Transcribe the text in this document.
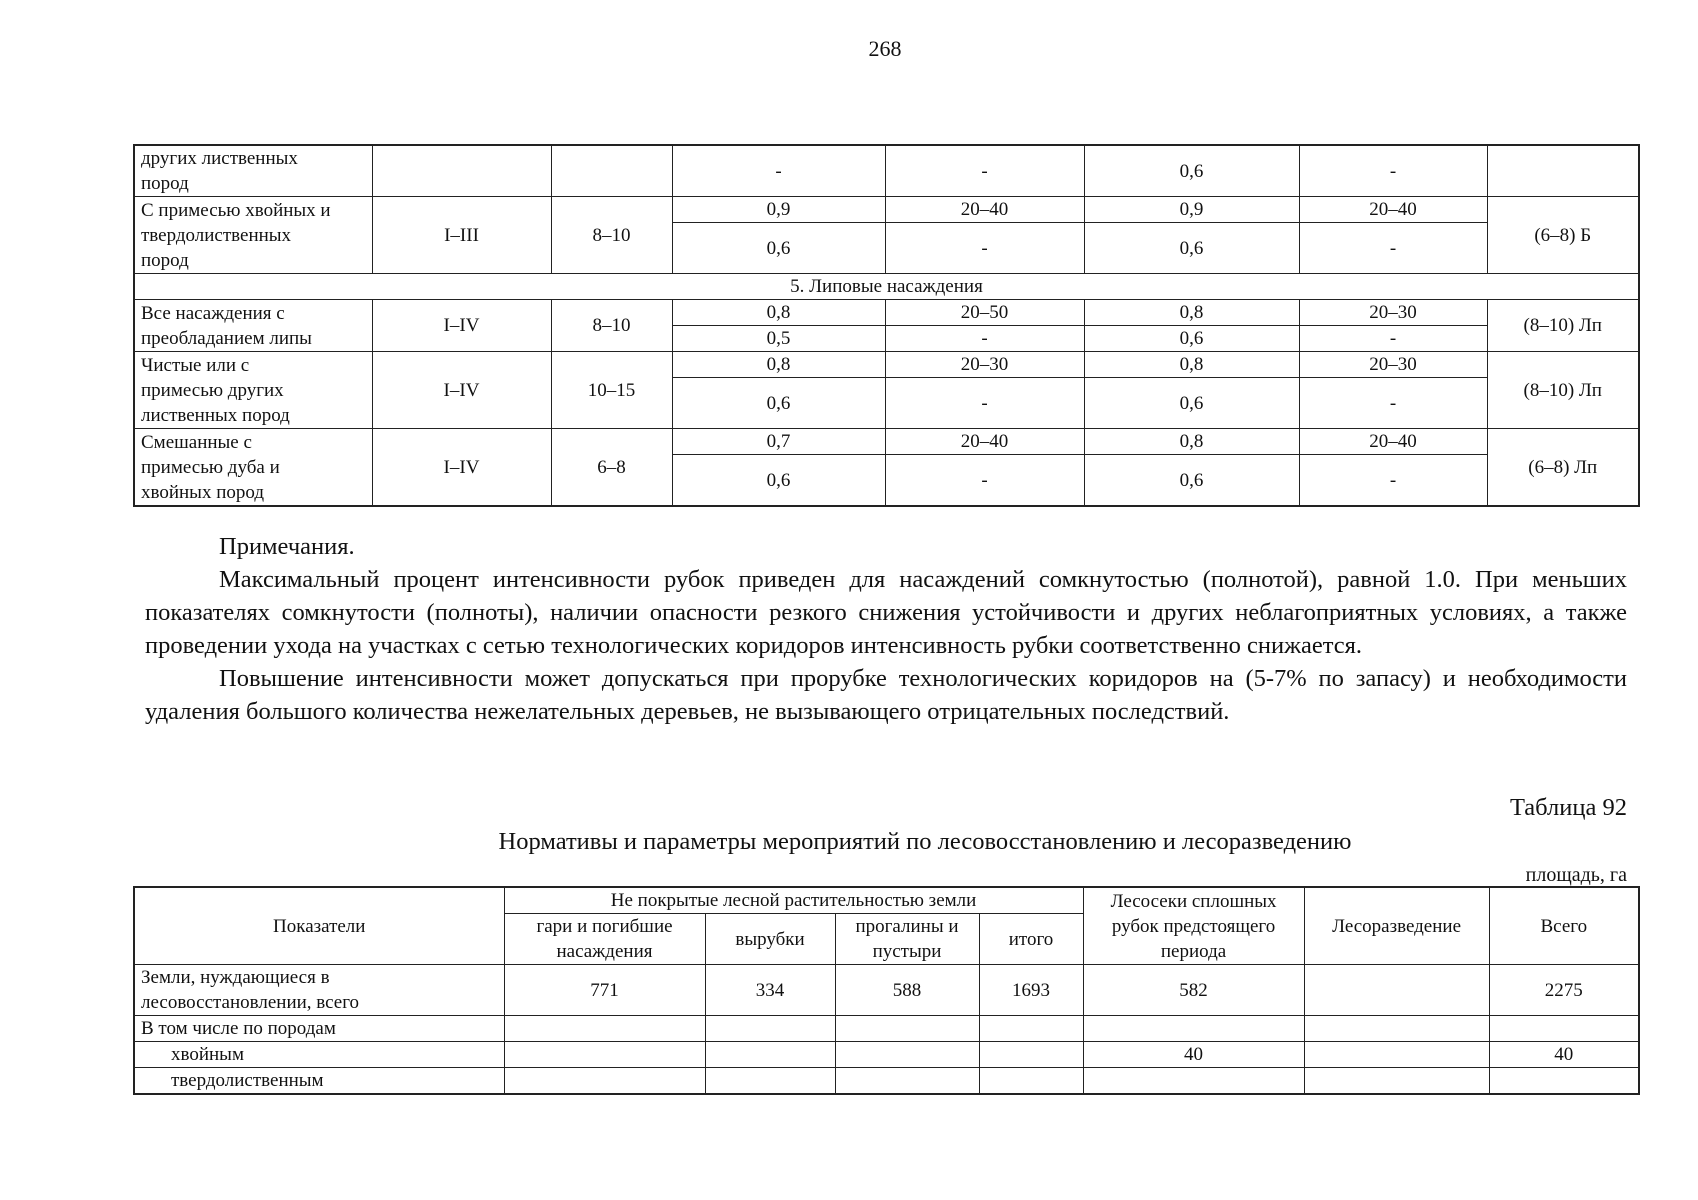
268
других лиственных
пород			-	-	0,6	-	
С примесью хвойных и
твердолиственных
пород	I–III	8–10	0,9	20–40	0,9	20–40	(6–8) Б
			0,6	-	0,6	-	
5. Липовые насаждения							
Все насаждения с
преобладанием липы	I–IV	8–10	0,8	20–50	0,8	20–30	(8–10) Лп
			0,5	-	0,6	-	
Чистые или с
примесью других
лиственных пород	I–IV	10–15	0,8	20–30	0,8	20–30	(8–10) Лп
			0,6	-	0,6	-	
Смешанные с
примесью дуба и
хвойных пород	I–IV	6–8	0,7	20–40	0,8	20–40	(6–8) Лп
			0,6	-	0,6	-	

Примечания.

Максимальный процент интенсивности рубок приведен для насаждений сомкнутостью (полнотой), равной 1.0. При меньших показателях сомкнутости (полноты), наличии опасности резкого снижения устойчивости и других неблагоприятных условиях, а также проведении ухода на участках с сетью технологических коридоров интенсивность рубки соответственно снижается.

Повышение интенсивности может допускаться при прорубке технологических коридоров на (5-7% по запасу) и необходимости удаления большого количества нежелательных деревьев, не вызывающего отрицательных последствий.

Таблица 92
Нормативы и параметры мероприятий по лесовосстановлению и лесоразведению
площадь, га
Показатели	Не покрытые лесной растительностью земли				Лесосеки сплошных рубок предстоящего периода	Лесоразведение	Всего
	гари и погибшие насаждения	вырубки	прогалины и пустыри	итого			
Земли, нуждающиеся в
лесовосстановлении, всего	771	334	588	1693	582		2275
В том числе по породам							
хвойным					40		40
твердолиственным							
